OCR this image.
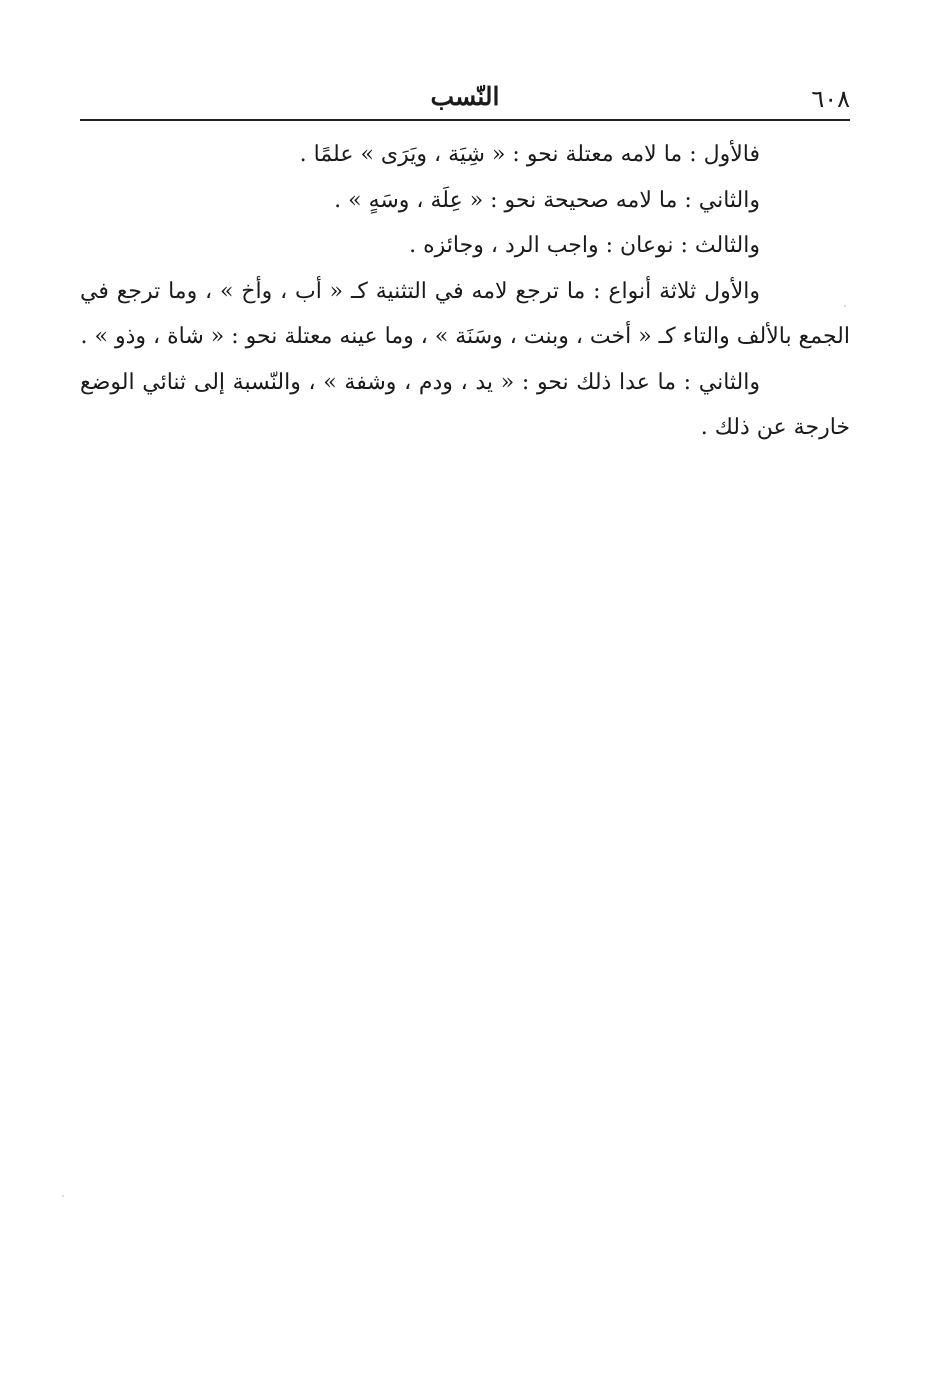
٦٠٨
النّسب
فالأول : ما لامه معتلة نحو : « شِيَة ، ويَرَى » علمًا .
والثاني : ما لامه صحيحة نحو : « عِلَة ، وسَهٍ » .
والثالث : نوعان : واجب الرد ، وجائزه .
والأول ثلاثة أنواع : ما ترجع لامه في التثنية كـ « أب ، وأخ » ، وما ترجع في
الجمع بالألف والتاء كـ « أخت ، وبنت ، وسَنَة » ، وما عينه معتلة نحو : « شاة ، وذو » .
والثاني : ما عدا ذلك نحو : « يد ، ودم ، وشفة » ، والنّسبة إلى ثنائي الوضع
خارجة عن ذلك .
